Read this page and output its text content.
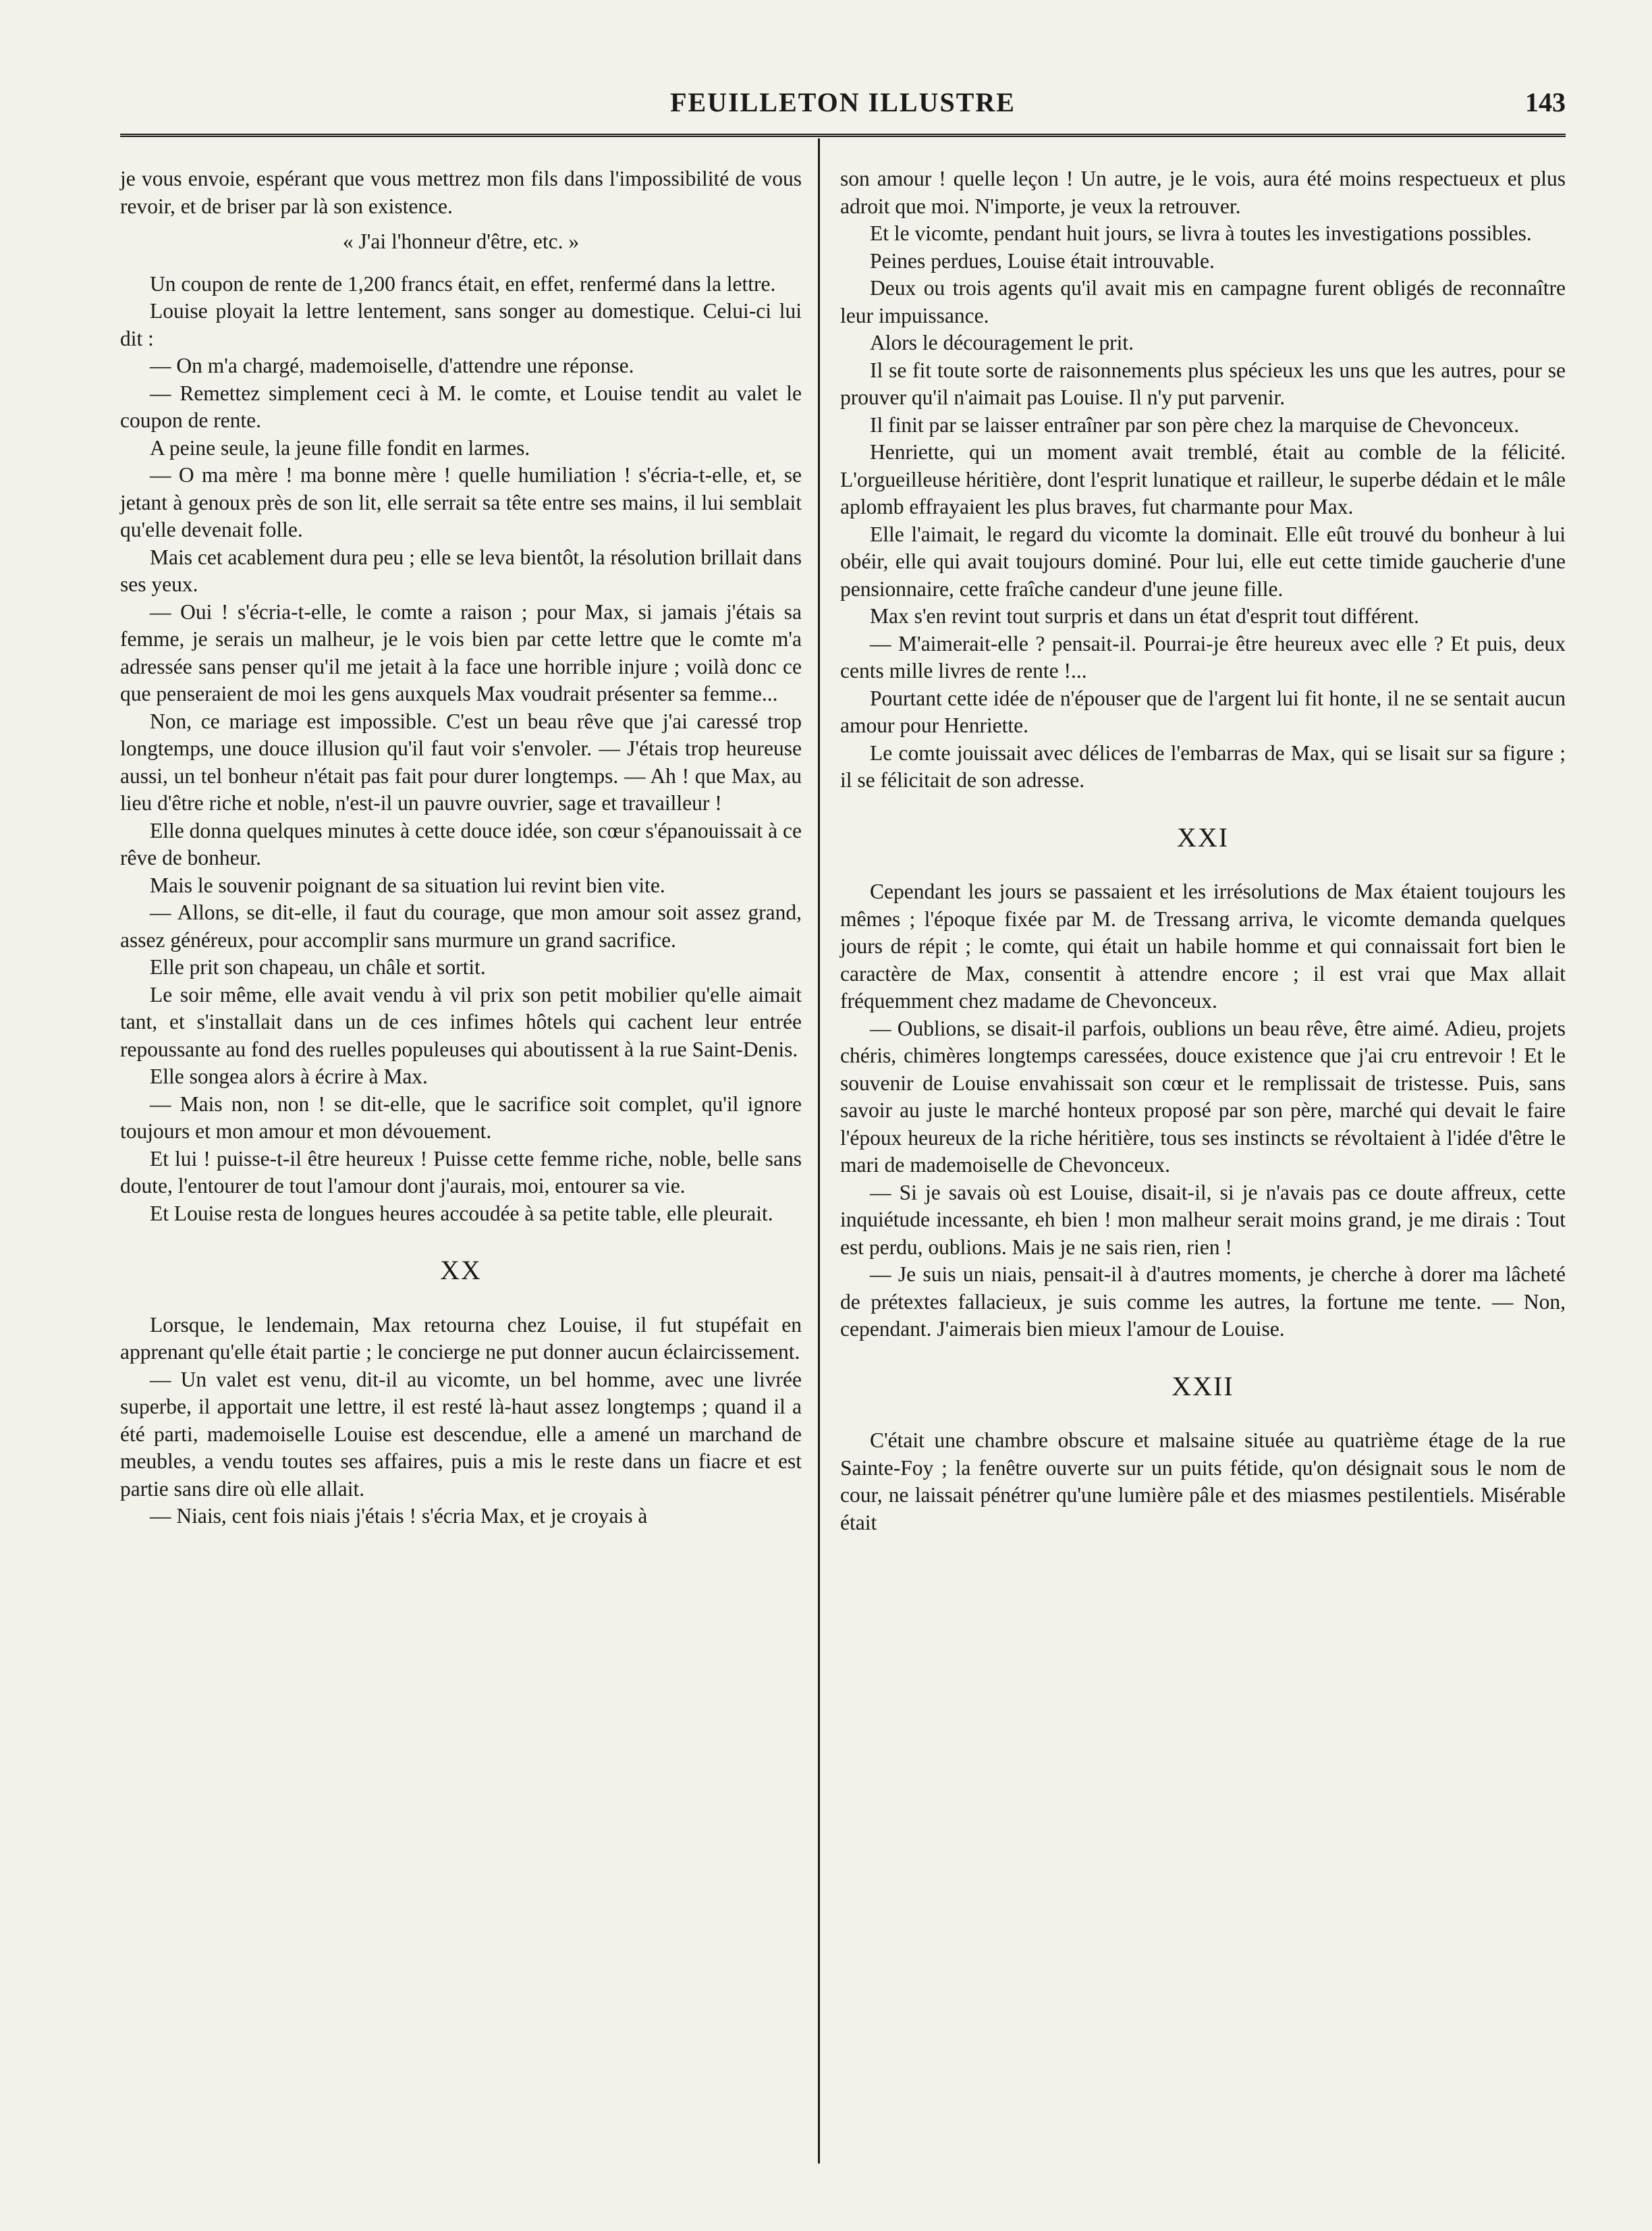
FEUILLETON ILLUSTRE	143

je vous envoie, espérant que vous mettrez mon fils dans l'impossibilité de vous revoir, et de briser par là son existence.

« J'ai l'honneur d'être, etc. »

Un coupon de rente de 1,200 francs était, en effet, renfermé dans la lettre.

Louise ployait la lettre lentement, sans songer au domestique. Celui-ci lui dit :

— On m'a chargé, mademoiselle, d'attendre une réponse.

— Remettez simplement ceci à M. le comte, et Louise tendit au valet le coupon de rente.

A peine seule, la jeune fille fondit en larmes.

— O ma mère ! ma bonne mère ! quelle humiliation ! s'écria-t-elle, et, se jetant à genoux près de son lit, elle serrait sa tête entre ses mains, il lui semblait qu'elle devenait folle.

Mais cet acablement dura peu ; elle se leva bientôt, la résolution brillait dans ses yeux.

— Oui ! s'écria-t-elle, le comte a raison ; pour Max, si jamais j'étais sa femme, je serais un malheur, je le vois bien par cette lettre que le comte m'a adressée sans penser qu'il me jetait à la face une horrible injure ; voilà donc ce que penseraient de moi les gens auxquels Max voudrait présenter sa femme...

Non, ce mariage est impossible. C'est un beau rêve que j'ai caressé trop longtemps, une douce illusion qu'il faut voir s'envoler. — J'étais trop heureuse aussi, un tel bonheur n'était pas fait pour durer longtemps. — Ah ! que Max, au lieu d'être riche et noble, n'est-il un pauvre ouvrier, sage et travailleur !

Elle donna quelques minutes à cette douce idée, son cœur s'épanouissait à ce rêve de bonheur.

Mais le souvenir poignant de sa situation lui revint bien vite.

— Allons, se dit-elle, il faut du courage, que mon amour soit assez grand, assez généreux, pour accomplir sans murmure un grand sacrifice.

Elle prit son chapeau, un châle et sortit.

Le soir même, elle avait vendu à vil prix son petit mobilier qu'elle aimait tant, et s'installait dans un de ces infimes hôtels qui cachent leur entrée repoussante au fond des ruelles populeuses qui aboutissent à la rue Saint-Denis.

Elle songea alors à écrire à Max.

— Mais non, non ! se dit-elle, que le sacrifice soit complet, qu'il ignore toujours et mon amour et mon dévouement.

Et lui ! puisse-t-il être heureux ! Puisse cette femme riche, noble, belle sans doute, l'entourer de tout l'amour dont j'aurais, moi, entourer sa vie.

Et Louise resta de longues heures accoudée à sa petite table, elle pleurait.

XX

Lorsque, le lendemain, Max retourna chez Louise, il fut stupéfait en apprenant qu'elle était partie ; le concierge ne put donner aucun éclaircissement.

— Un valet est venu, dit-il au vicomte, un bel homme, avec une livrée superbe, il apportait une lettre, il est resté là-haut assez longtemps ; quand il a été parti, mademoiselle Louise est descendue, elle a amené un marchand de meubles, a vendu toutes ses affaires, puis a mis le reste dans un fiacre et est partie sans dire où elle allait.

— Niais, cent fois niais j'étais ! s'écria Max, et je croyais à

son amour ! quelle leçon ! Un autre, je le vois, aura été moins respectueux et plus adroit que moi. N'importe, je veux la retrouver.

Et le vicomte, pendant huit jours, se livra à toutes les investigations possibles.

Peines perdues, Louise était introuvable.

Deux ou trois agents qu'il avait mis en campagne furent obligés de reconnaître leur impuissance.

Alors le découragement le prit.

Il se fit toute sorte de raisonnements plus spécieux les uns que les autres, pour se prouver qu'il n'aimait pas Louise. Il n'y put parvenir.

Il finit par se laisser entraîner par son père chez la marquise de Chevonceux.

Henriette, qui un moment avait tremblé, était au comble de la félicité. L'orgueilleuse héritière, dont l'esprit lunatique et railleur, le superbe dédain et le mâle aplomb effrayaient les plus braves, fut charmante pour Max.

Elle l'aimait, le regard du vicomte la dominait. Elle eût trouvé du bonheur à lui obéir, elle qui avait toujours dominé. Pour lui, elle eut cette timide gaucherie d'une pensionnaire, cette fraîche candeur d'une jeune fille.

Max s'en revint tout surpris et dans un état d'esprit tout différent.

— M'aimerait-elle ? pensait-il. Pourrai-je être heureux avec elle ? Et puis, deux cents mille livres de rente !...

Pourtant cette idée de n'épouser que de l'argent lui fit honte, il ne se sentait aucun amour pour Henriette.

Le comte jouissait avec délices de l'embarras de Max, qui se lisait sur sa figure ; il se félicitait de son adresse.

XXI

Cependant les jours se passaient et les irrésolutions de Max étaient toujours les mêmes ; l'époque fixée par M. de Tressang arriva, le vicomte demanda quelques jours de répit ; le comte, qui était un habile homme et qui connaissait fort bien le caractère de Max, consentit à attendre encore ; il est vrai que Max allait fréquemment chez madame de Chevonceux.

— Oublions, se disait-il parfois, oublions un beau rêve, être aimé. Adieu, projets chéris, chimères longtemps caressées, douce existence que j'ai cru entrevoir ! Et le souvenir de Louise envahissait son cœur et le remplissait de tristesse. Puis, sans savoir au juste le marché honteux proposé par son père, marché qui devait le faire l'époux heureux de la riche héritière, tous ses instincts se révoltaient à l'idée d'être le mari de mademoiselle de Chevonceux.

— Si je savais où est Louise, disait-il, si je n'avais pas ce doute affreux, cette inquiétude incessante, eh bien ! mon malheur serait moins grand, je me dirais : Tout est perdu, oublions. Mais je ne sais rien, rien !

— Je suis un niais, pensait-il à d'autres moments, je cherche à dorer ma lâcheté de prétextes fallacieux, je suis comme les autres, la fortune me tente. — Non, cependant. J'aimerais bien mieux l'amour de Louise.

XXII

C'était une chambre obscure et malsaine située au quatrième étage de la rue Sainte-Foy ; la fenêtre ouverte sur un puits fétide, qu'on désignait sous le nom de cour, ne laissait pénétrer qu'une lumière pâle et des miasmes pestilentiels. Misérable était
